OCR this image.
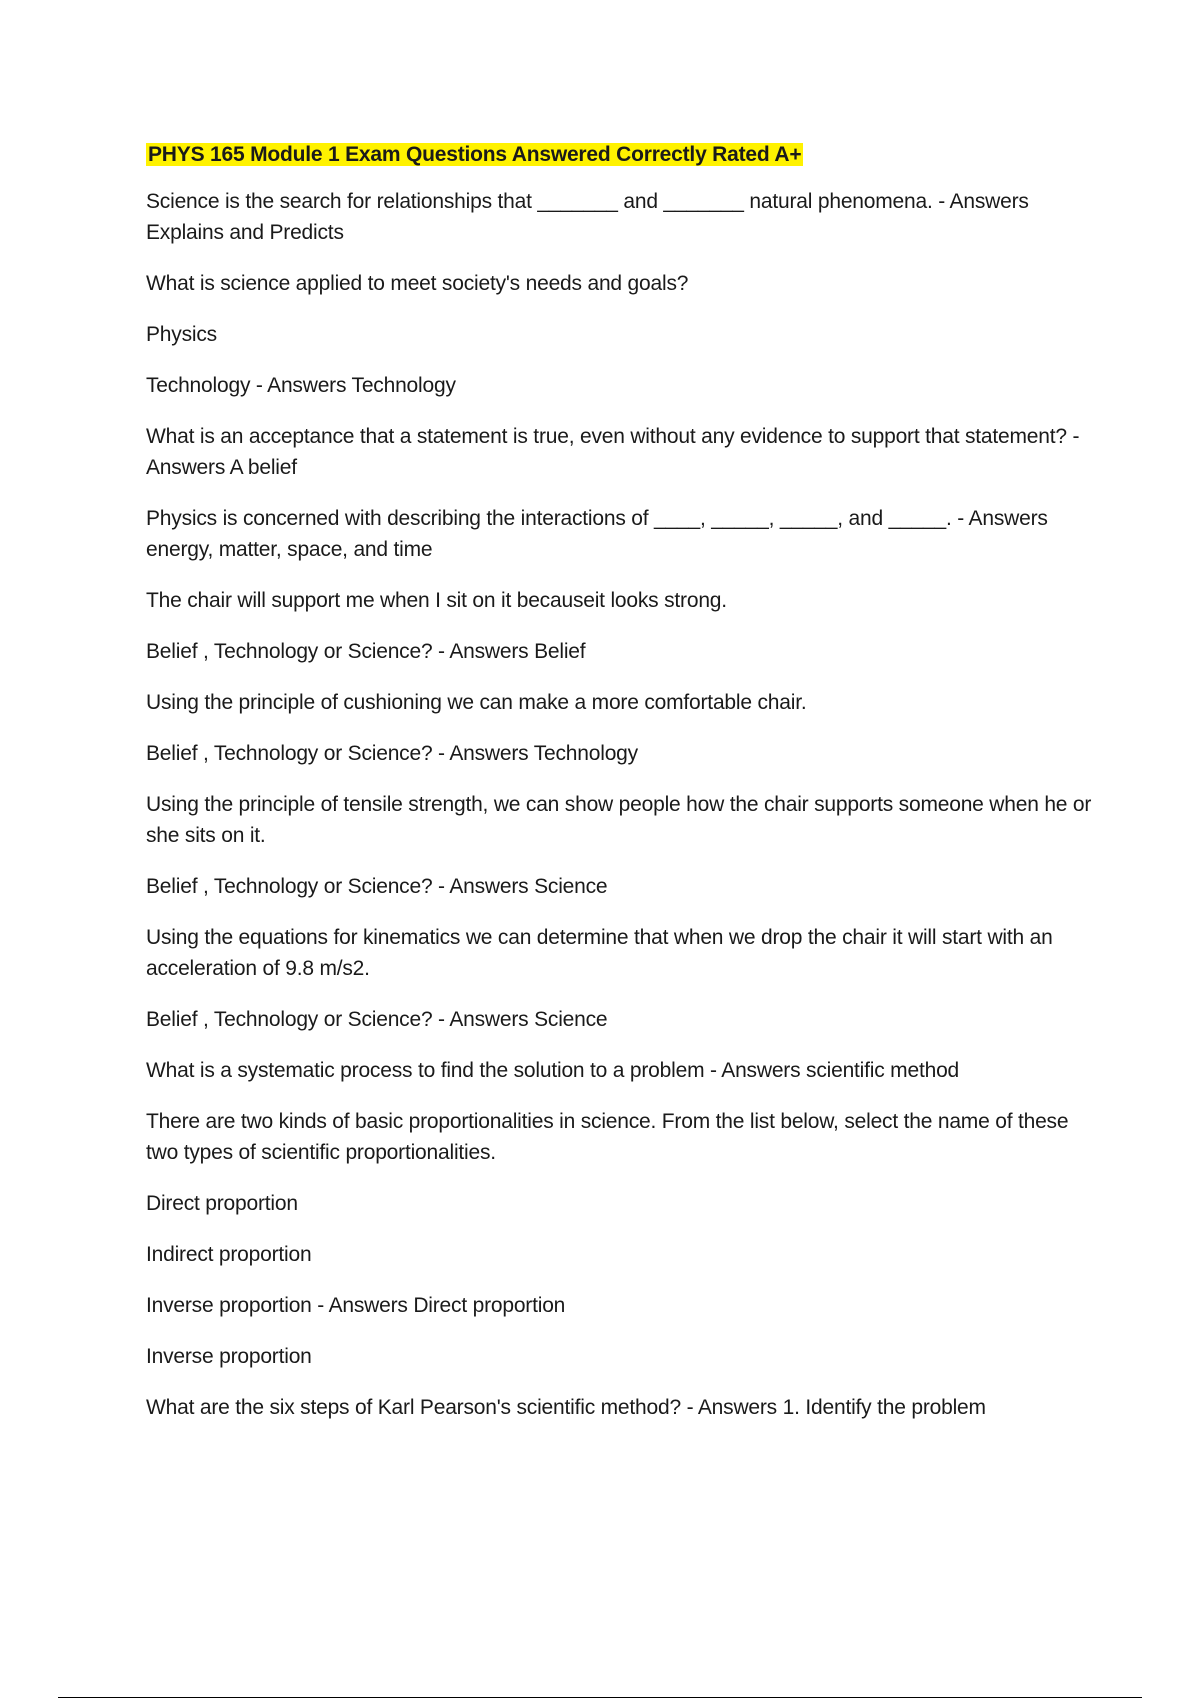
PHYS 165 Module 1 Exam Questions Answered Correctly Rated A+

Science is the search for relationships that _______ and _______ natural phenomena. - Answers Explains and Predicts

What is science applied to meet society's needs and goals?

Physics

Technology - Answers Technology

What is an acceptance that a statement is true, even without any evidence to support that statement? - Answers A belief

Physics is concerned with describing the interactions of ____, _____, _____, and _____. - Answers energy, matter, space, and time

The chair will support me when I sit on it becauseit looks strong.

Belief , Technology or Science? - Answers Belief

Using the principle of cushioning we can make a more comfortable chair.

Belief , Technology or Science? - Answers Technology

Using the principle of tensile strength, we can show people how the chair supports someone when he or she sits on it.

Belief , Technology or Science? - Answers Science

Using the equations for kinematics we can determine that when we drop the chair it will start with an acceleration of 9.8 m/s2.

Belief , Technology or Science? - Answers Science

What is a systematic process to find the solution to a problem - Answers scientific method

There are two kinds of basic proportionalities in science. From the list below, select the name of these two types of scientific proportionalities.

Direct proportion

Indirect proportion

Inverse proportion - Answers Direct proportion

Inverse proportion

What are the six steps of Karl Pearson's scientific method? - Answers 1. Identify the problem
